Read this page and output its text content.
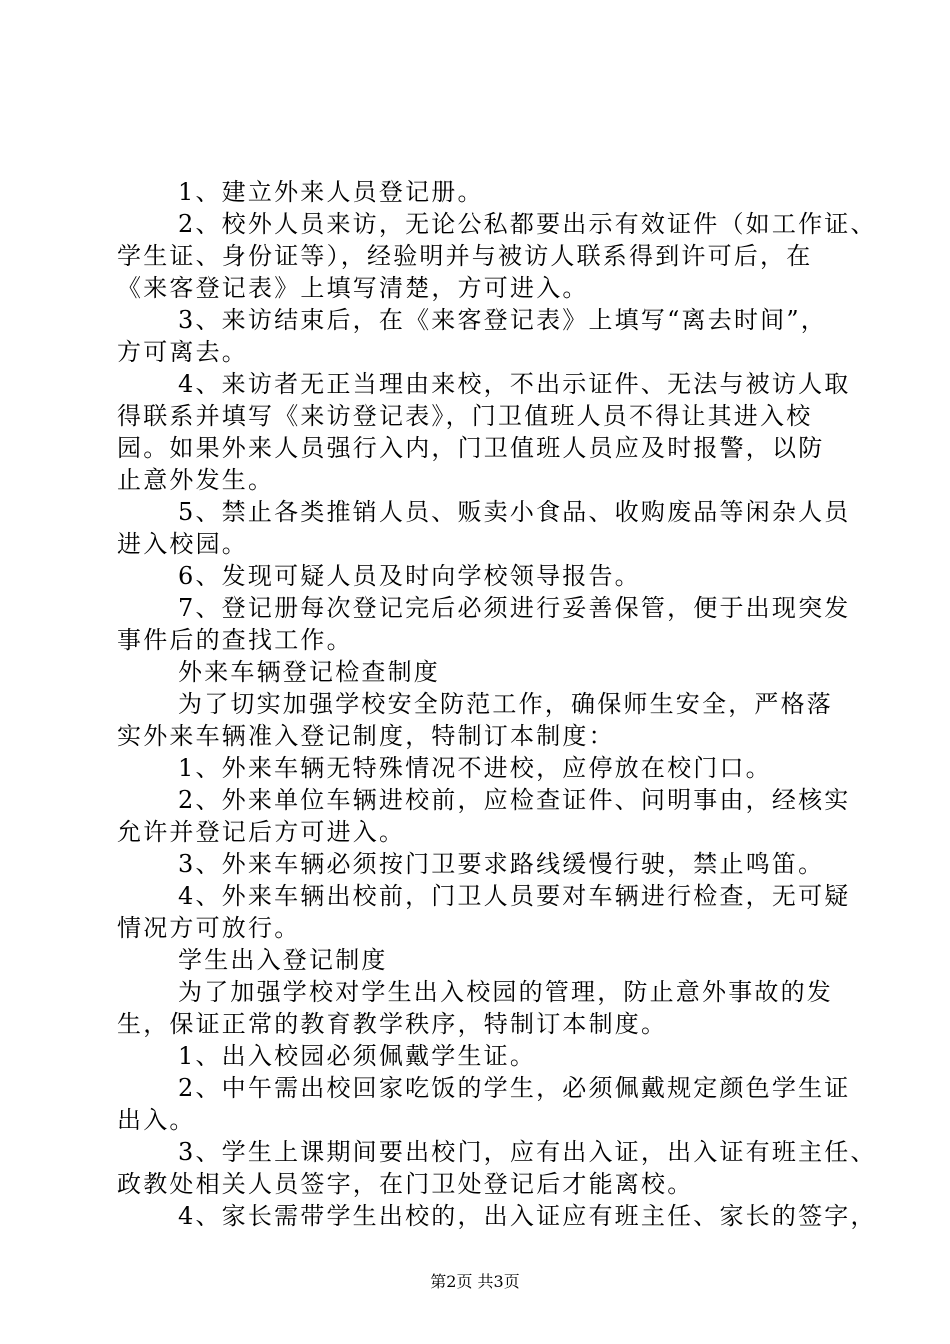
1、建立外来人员登记册。
2、校外人员来访，无论公私都要出示有效证件（如工作证、
学生证、身份证等），经验明并与被访人联系得到许可后，在
《来客登记表》上填写清楚，方可进入。
3、来访结束后，在《来客登记表》上填写“离去时间”，
方可离去。
4、来访者无正当理由来校，不出示证件、无法与被访人取
得联系并填写《来访登记表》，门卫值班人员不得让其进入校
园。如果外来人员强行入内，门卫值班人员应及时报警，以防
止意外发生。
5、禁止各类推销人员、贩卖小食品、收购废品等闲杂人员
进入校园。
6、发现可疑人员及时向学校领导报告。
7、登记册每次登记完后必须进行妥善保管，便于出现突发
事件后的查找工作。
外来车辆登记检查制度
为了切实加强学校安全防范工作，确保师生安全，严格落
实外来车辆准入登记制度，特制订本制度：
1、外来车辆无特殊情况不进校，应停放在校门口。
2、外来单位车辆进校前，应检查证件、问明事由，经核实
允许并登记后方可进入。
3、外来车辆必须按门卫要求路线缓慢行驶，禁止鸣笛。
4、外来车辆出校前，门卫人员要对车辆进行检查，无可疑
情况方可放行。
学生出入登记制度
为了加强学校对学生出入校园的管理，防止意外事故的发
生，保证正常的教育教学秩序，特制订本制度。
1、出入校园必须佩戴学生证。
2、中午需出校回家吃饭的学生，必须佩戴规定颜色学生证
出入。
3、学生上课期间要出校门，应有出入证，出入证有班主任、
政教处相关人员签字，在门卫处登记后才能离校。
4、家长需带学生出校的，出入证应有班主任、家长的签字，
第2页 共3页
